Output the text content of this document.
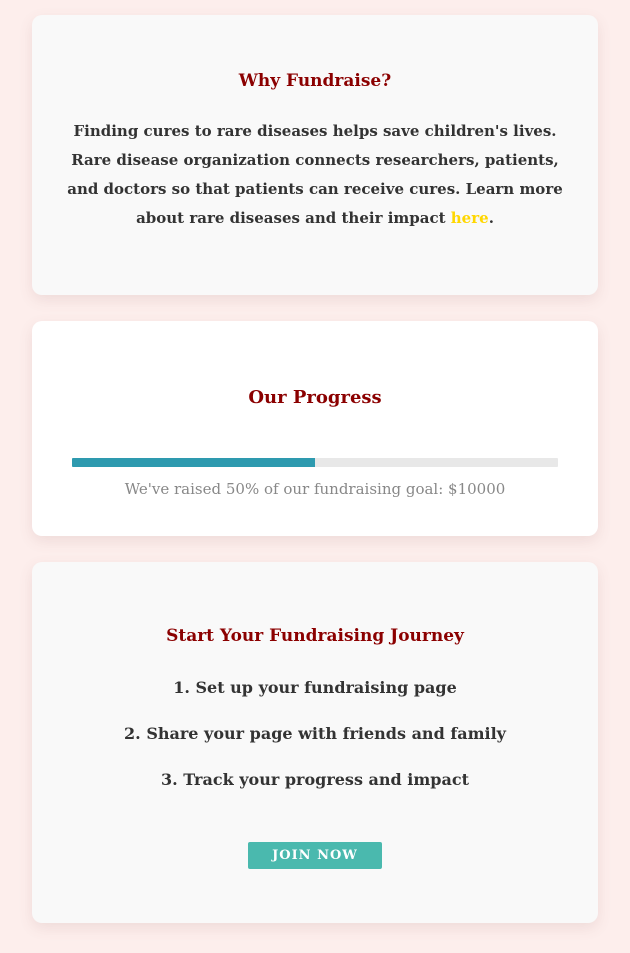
Why Fundraise?

Finding cures to rare diseases helps save children's lives. Rare disease organization connects researchers, patients, and doctors so that patients can receive cures. Learn more about rare diseases and their impact here.

Our Progress

We've raised 50% of our fundraising goal: $10000

Start Your Fundraising Journey

1. Set up your fundraising page

2. Share your page with friends and family

3. Track your progress and impact

JOIN NOW
